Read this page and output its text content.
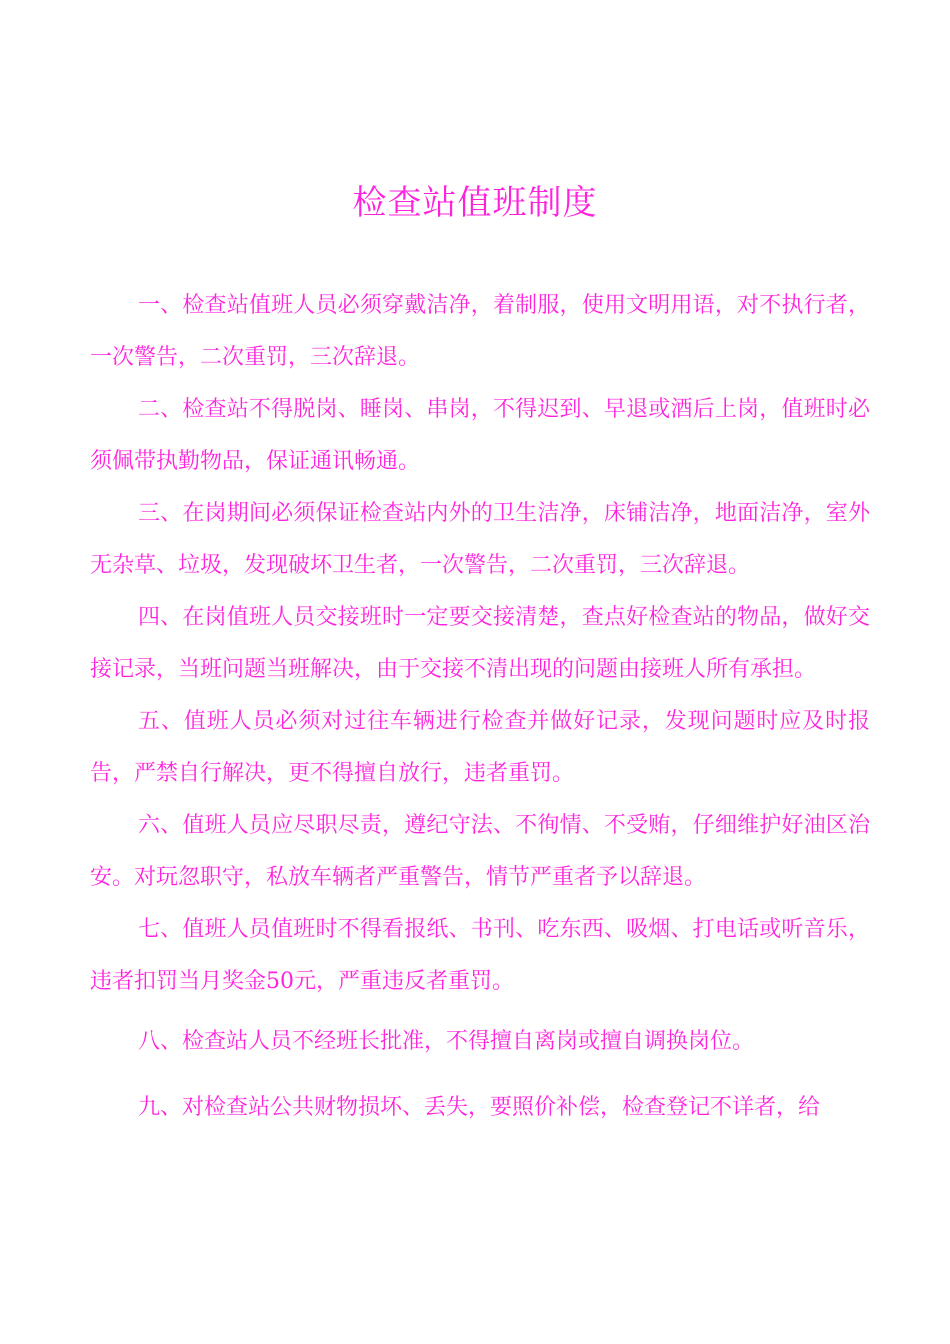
检查站值班制度

一、检查站值班人员必须穿戴洁净，着制服，使用文明用语，对不执行者，一次警告，二次重罚，三次辞退。

二、检查站不得脱岗、睡岗、串岗，不得迟到、早退或酒后上岗，值班时必须佩带执勤物品，保证通讯畅通。

三、在岗期间必须保证检查站内外的卫生洁净，床铺洁净，地面洁净，室外无杂草、垃圾，发现破坏卫生者，一次警告，二次重罚，三次辞退。

四、在岗值班人员交接班时一定要交接清楚，查点好检查站的物品，做好交接记录，当班问题当班解决，由于交接不清出现的问题由接班人所有承担。

五、值班人员必须对过往车辆进行检查并做好记录，发现问题时应及时报告，严禁自行解决，更不得擅自放行，违者重罚。

六、值班人员应尽职尽责，遵纪守法、不徇情、不受贿，仔细维护好油区治安。对玩忽职守，私放车辆者严重警告，情节严重者予以辞退。

七、值班人员值班时不得看报纸、书刊、吃东西、吸烟、打电话或听音乐，违者扣罚当月奖金50元，严重违反者重罚。

八、检查站人员不经班长批准，不得擅自离岗或擅自调换岗位。

九、对检查站公共财物损坏、丢失，要照价补偿，检查登记不详者，给
